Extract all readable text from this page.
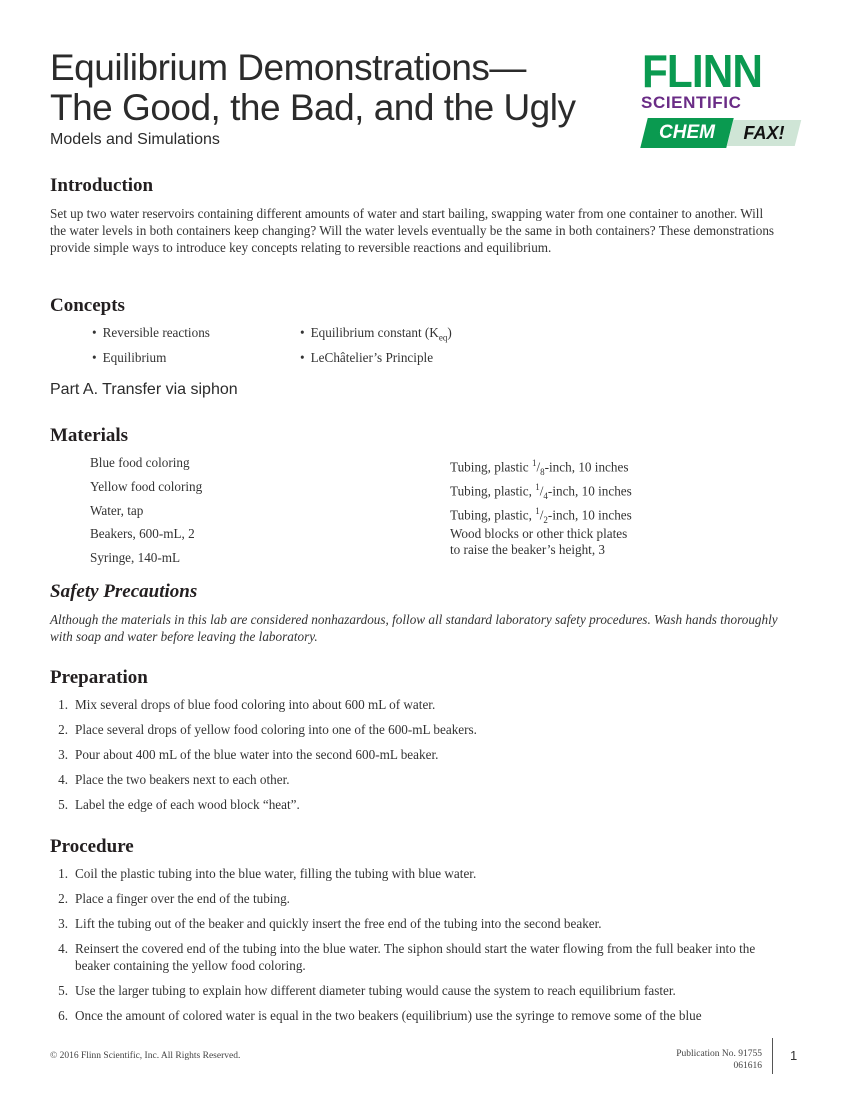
Equilibrium Demonstrations—
The Good, the Bad, and the Ugly
Models and Simulations
FLINN
SCIENTIFIC
CHEM	FAX!
Introduction

Set up two water reservoirs containing different amounts of water and start bailing, swapping water from one container to another. Will the water levels in both containers keep changing? Will the water levels eventually be the same in both containers? These demonstrations provide simple ways to introduce key concepts relating to reversible reactions and equilibrium.

Concepts
• Reversible reactions
• Equilibrium
• Equilibrium constant $(K_{eq})$
• LeChâtelier’s Principle
Part A. Transfer via siphon
Materials
Blue food coloring
Yellow food coloring
Water, tap
Beakers, 600-mL, 2
Syringe, 140-mL
Tubing, plastic $^1/_8$-inch, 10 inches
Tubing, plastic, $^1/_4$-inch, 10 inches
Tubing, plastic, $^1/_2$-inch, 10 inches
Wood blocks or other thick plates
to raise the beaker’s height, 3
Safety Precautions

Although the materials in this lab are considered nonhazardous, follow all standard laboratory safety procedures. Wash hands thoroughly with soap and water before leaving the laboratory.

Preparation
1. Mix several drops of blue food coloring into about 600 mL of water.
2. Place several drops of yellow food coloring into one of the 600-mL beakers.
3. Pour about 400 mL of the blue water into the second 600-mL beaker.
4. Place the two beakers next to each other.
5. Label the edge of each wood block “heat”.
Procedure
1. Coil the plastic tubing into the blue water, filling the tubing with blue water.
2. Place a finger over the end of the tubing.
3. Lift the tubing out of the beaker and quickly insert the free end of the tubing into the second beaker.
4. Reinsert the covered end of the tubing into the blue water. The siphon should start the water flowing from the full beaker into the beaker containing the yellow food coloring.
5. Use the larger tubing to explain how different diameter tubing would cause the system to reach equilibrium faster.
6. Once the amount of colored water is equal in the two beakers (equilibrium) use the syringe to remove some of the blue
© 2016 Flinn Scientific, Inc. All Rights Reserved.	Publication No. 91755
061616
1
